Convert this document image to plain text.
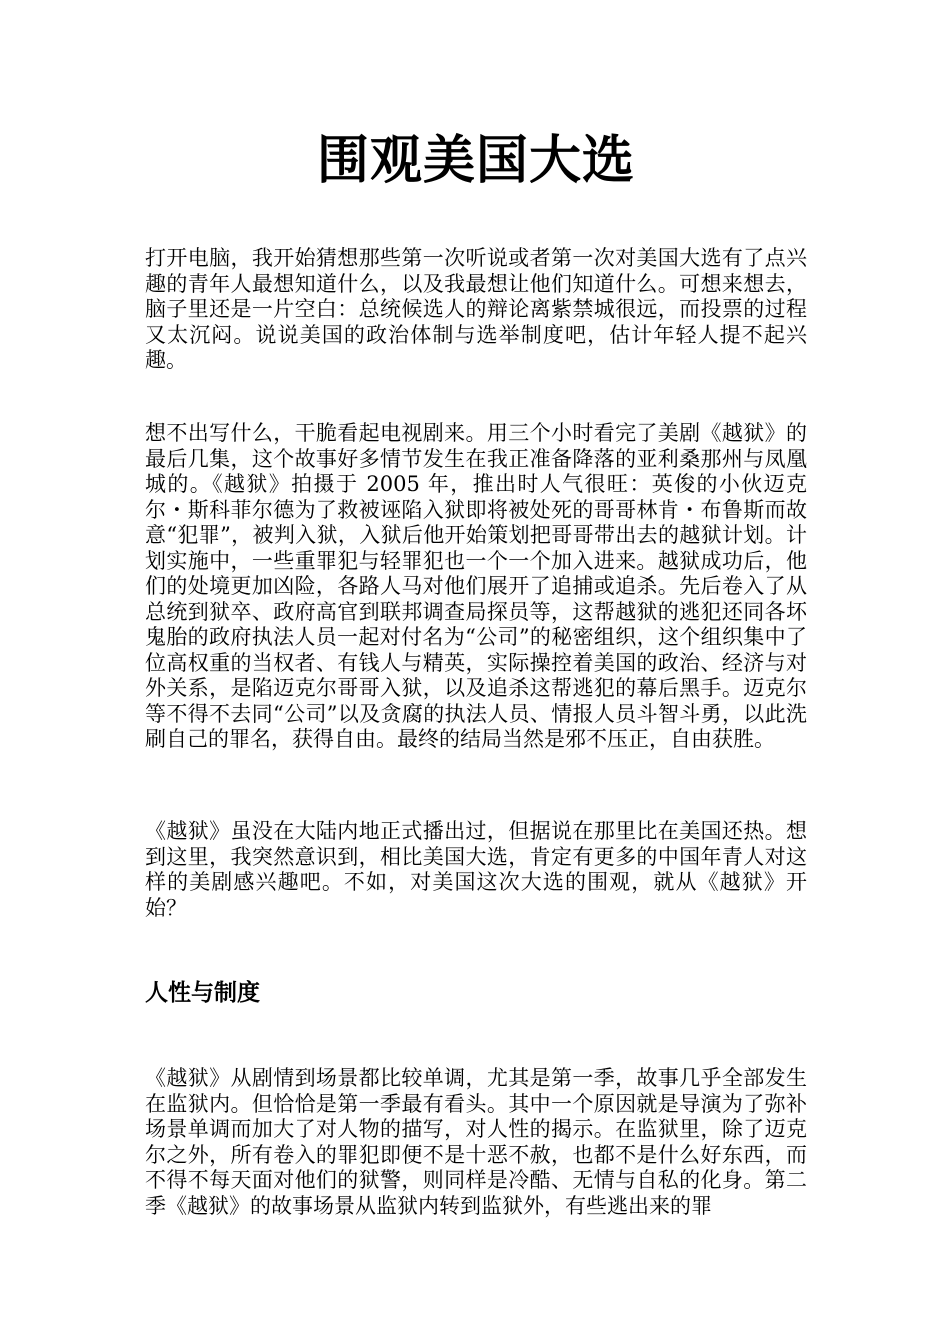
围观美国大选

打开电脑，我开始猜想那些第一次听说或者第一次对美国大选有了点兴趣的青年人最想知道什么，以及我最想让他们知道什么。可想来想去，脑子里还是一片空白：总统候选人的辩论离紫禁城很远，而投票的过程又太沉闷。说说美国的政治体制与选举制度吧，估计年轻人提不起兴趣。

想不出写什么，干脆看起电视剧来。用三个小时看完了美剧《越狱》的最后几集，这个故事好多情节发生在我正准备降落的亚利桑那州与凤凰城的。《越狱》拍摄于 2005 年，推出时人气很旺：英俊的小伙迈克尔・斯科菲尔德为了救被诬陷入狱即将被处死的哥哥林肯・布鲁斯而故意“犯罪”，被判入狱，入狱后他开始策划把哥哥带出去的越狱计划。计划实施中，一些重罪犯与轻罪犯也一个一个加入进来。越狱成功后，他们的处境更加凶险，各路人马对他们展开了追捕或追杀。先后卷入了从总统到狱卒、政府高官到联邦调查局探员等，这帮越狱的逃犯还同各坏鬼胎的政府执法人员一起对付名为“公司”的秘密组织，这个组织集中了位高权重的当权者、有钱人与精英，实际操控着美国的政治、经济与对外关系，是陷迈克尔哥哥入狱，以及追杀这帮逃犯的幕后黑手。迈克尔等不得不去同“公司”以及贪腐的执法人员、情报人员斗智斗勇，以此洗刷自己的罪名，获得自由。最终的结局当然是邪不压正，自由获胜。

《越狱》虽没在大陆内地正式播出过，但据说在那里比在美国还热。想到这里，我突然意识到，相比美国大选，肯定有更多的中国年青人对这样的美剧感兴趣吧。不如，对美国这次大选的围观，就从《越狱》开始？

人性与制度

《越狱》从剧情到场景都比较单调，尤其是第一季，故事几乎全部发生在监狱内。但恰恰是第一季最有看头。其中一个原因就是导演为了弥补场景单调而加大了对人物的描写，对人性的揭示。在监狱里，除了迈克尔之外，所有卷入的罪犯即便不是十恶不赦，也都不是什么好东西，而不得不每天面对他们的狱警，则同样是冷酷、无情与自私的化身。第二季《越狱》的故事场景从监狱内转到监狱外，有些逃出来的罪
